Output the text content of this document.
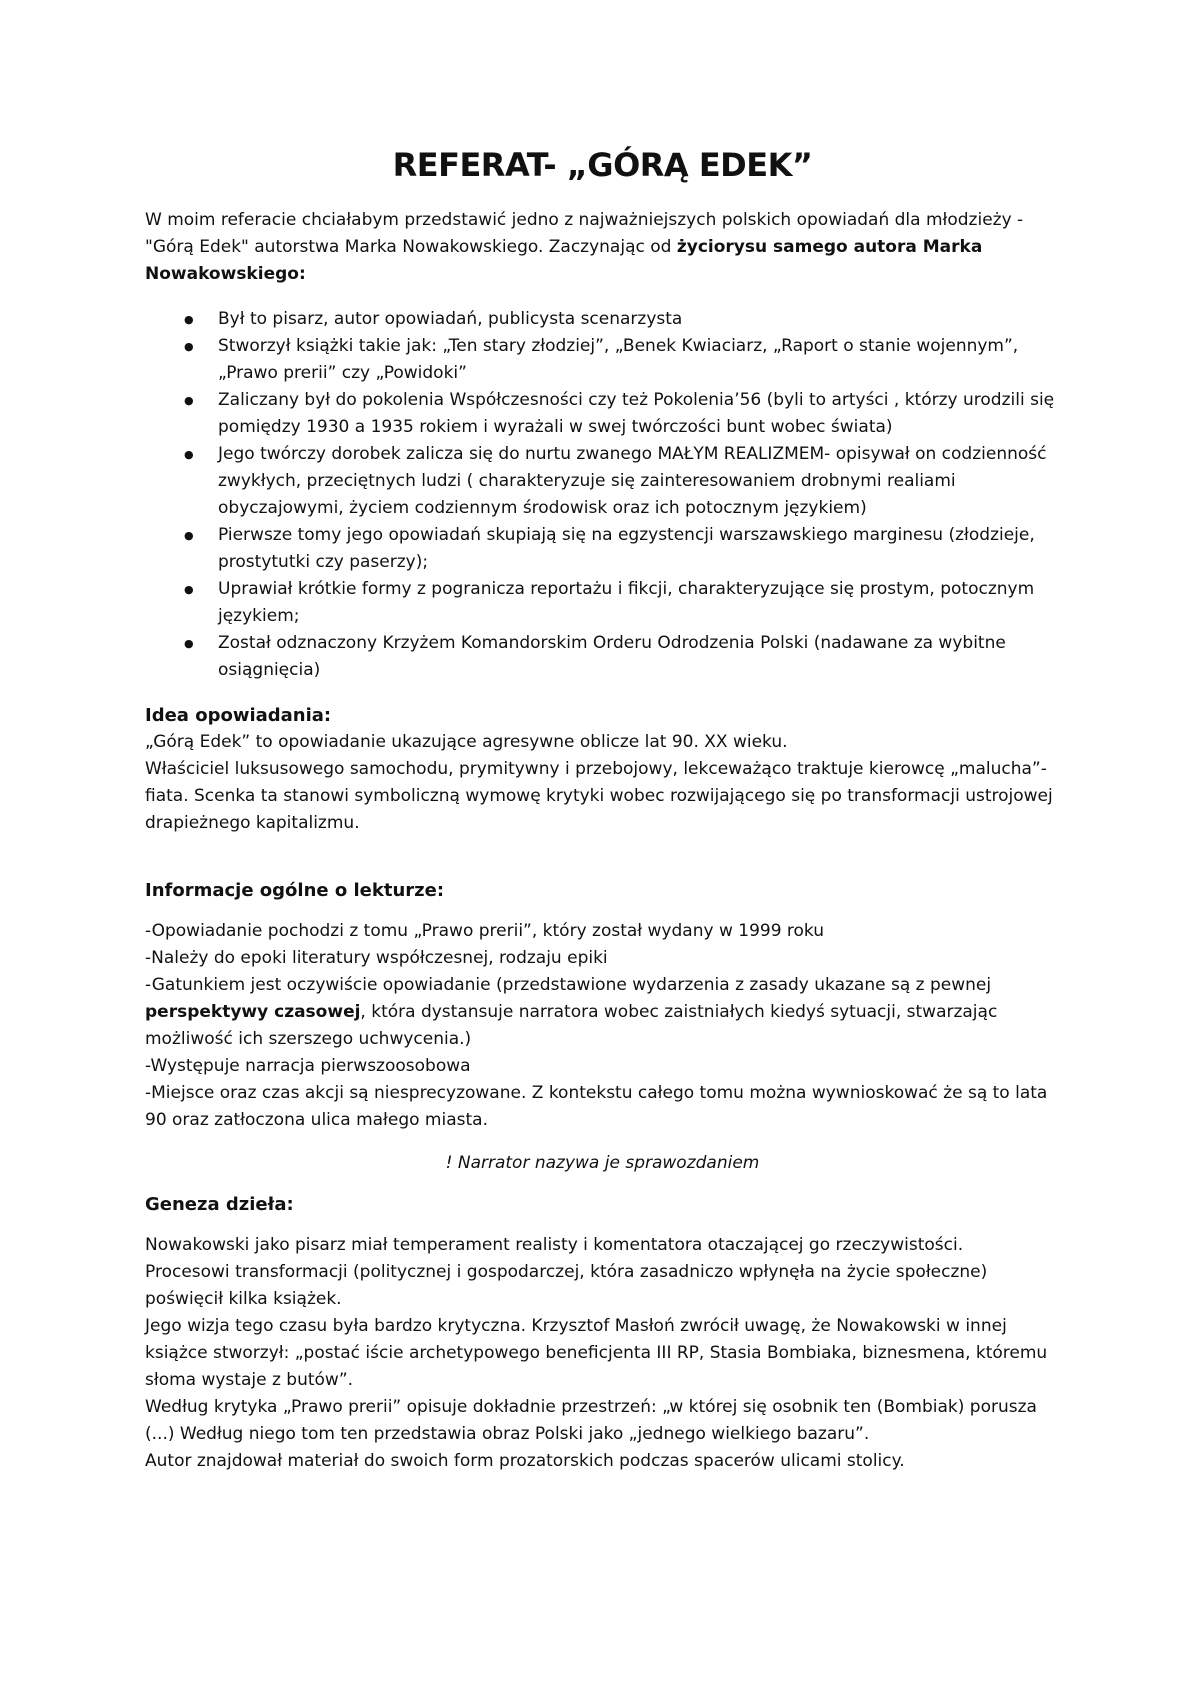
REFERAT- „GÓRĄ EDEK”

W moim referacie chciałabym przedstawić jedno z najważniejszych polskich opowiadań dla młodzieży - "Górą Edek" autorstwa Marka Nowakowskiego. Zaczynając od życiorysu samego autora Marka Nowakowskiego:

● Był to pisarz, autor opowiadań, publicysta scenarzysta
● Stworzył książki takie jak: „Ten stary złodziej”, „Benek Kwiaciarz, „Raport o stanie wojennym”, „Prawo prerii” czy „Powidoki”
● Zaliczany był do pokolenia Współczesności czy też Pokolenia’56 (byli to artyści , którzy urodzili się pomiędzy 1930 a 1935 rokiem i wyrażali w swej twórczości bunt wobec świata)
● Jego twórczy dorobek zalicza się do nurtu zwanego MAŁYM REALIZMEM- opisywał on codzienność zwykłych, przeciętnych ludzi ( charakteryzuje się zainteresowaniem drobnymi realiami obyczajowymi, życiem codziennym środowisk oraz ich potocznym językiem)
● Pierwsze tomy jego opowiadań skupiają się na egzystencji warszawskiego marginesu (złodzieje, prostytutki czy paserzy);
● Uprawiał krótkie formy z pogranicza reportażu i fikcji, charakteryzujące się prostym, potocznym językiem;
● Został odznaczony Krzyżem Komandorskim Orderu Odrodzenia Polski (nadawane za wybitne osiągnięcia)

Idea opowiadania:

„Górą Edek” to opowiadanie ukazujące agresywne oblicze lat 90. XX wieku.

Właściciel luksusowego samochodu, prymitywny i przebojowy, lekceważąco traktuje kierowcę „malucha”-fiata. Scenka ta stanowi symboliczną wymowę krytyki wobec rozwijającego się po transformacji ustrojowej drapieżnego kapitalizmu.

Informacje ogólne o lekturze:

-Opowiadanie pochodzi z tomu „Prawo prerii”, który został wydany w 1999 roku

-Należy do epoki literatury współczesnej, rodzaju epiki

-Gatunkiem jest oczywiście opowiadanie (przedstawione wydarzenia z zasady ukazane są z pewnej perspektywy czasowej, która dystansuje narratora wobec zaistniałych kiedyś sytuacji, stwarzając możliwość ich szerszego uchwycenia.)

-Występuje narracja pierwszoosobowa

-Miejsce oraz czas akcji są niesprecyzowane. Z kontekstu całego tomu można wywnioskować że są to lata 90 oraz zatłoczona ulica małego miasta.

! Narrator nazywa je sprawozdaniem

Geneza dzieła:

Nowakowski jako pisarz miał temperament realisty i komentatora otaczającej go rzeczywistości.

Procesowi transformacji (politycznej i gospodarczej, która zasadniczo wpłynęła na życie społeczne) poświęcił kilka książek.

Jego wizja tego czasu była bardzo krytyczna. Krzysztof Masłoń zwrócił uwagę, że Nowakowski w innej książce stworzył: „postać iście archetypowego beneficjenta III RP, Stasia Bombiaka, biznesmena, któremu słoma wystaje z butów”.

Według krytyka „Prawo prerii” opisuje dokładnie przestrzeń: „w której się osobnik ten (Bombiak) porusza (...) Według niego tom ten przedstawia obraz Polski jako „jednego wielkiego bazaru”.

Autor znajdował materiał do swoich form prozatorskich podczas spacerów ulicami stolicy.
